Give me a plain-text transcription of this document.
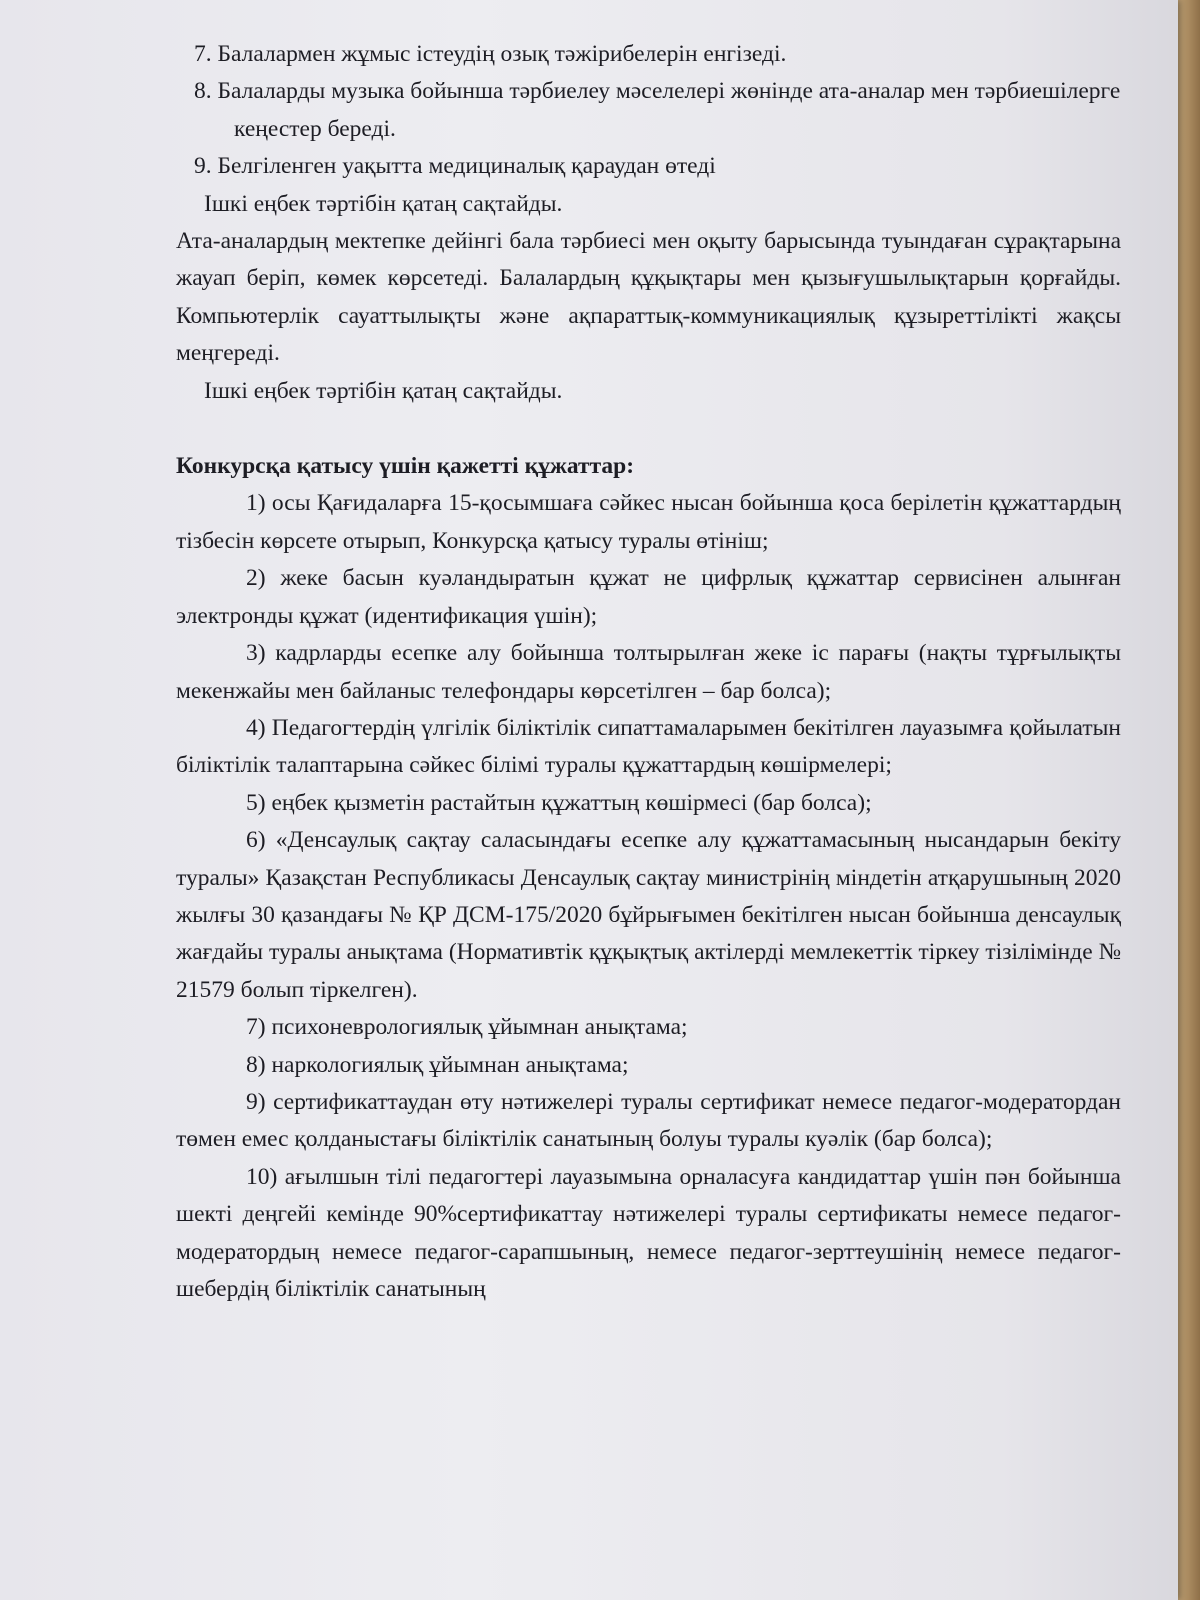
7. Балалармен жұмыс істеудің озық тәжірибелерін енгізеді.

8. Балаларды музыка бойынша тәрбиелеу мәселелері жөнінде ата-аналар мен тәрбиешілерге кеңестер береді.

9. Белгіленген уақытта медициналық қараудан өтеді

Ішкі еңбек тәртібін қатаң сақтайды.

Ата-аналардың мектепке дейінгі бала тәрбиесі мен оқыту барысында туындаған сұрақтарына жауап беріп, көмек көрсетеді. Балалардың құқықтары мен қызығушылықтарын қорғайды. Компьютерлік сауаттылықты және ақпараттық-коммуникациялық құзыреттілікті жақсы меңгереді.

Ішкі еңбек тәртібін қатаң сақтайды.

Конкурсқа қатысу үшін қажетті құжаттар:

1) осы Қағидаларға 15-қосымшаға сәйкес нысан бойынша қоса берілетін құжаттардың тізбесін көрсете отырып, Конкурсқа қатысу туралы өтініш;

2) жеке басын куәландыратын құжат не цифрлық құжаттар сервисінен алынған электронды құжат (идентификация үшін);

3) кадрларды есепке алу бойынша толтырылған жеке іс парағы (нақты тұрғылықты мекенжайы мен байланыс телефондары көрсетілген – бар болса);

4) Педагогтердің үлгілік біліктілік сипаттамаларымен бекітілген лауазымға қойылатын біліктілік талаптарына сәйкес білімі туралы құжаттардың көшірмелері;

5) еңбек қызметін растайтын құжаттың көшірмесі (бар болса);

6) «Денсаулық сақтау саласындағы есепке алу құжаттамасының нысандарын бекіту туралы» Қазақстан Республикасы Денсаулық сақтау министрінің міндетін атқарушының 2020 жылғы 30 қазандағы № ҚР ДСМ-175/2020 бұйрығымен бекітілген нысан бойынша денсаулық жағдайы туралы анықтама (Нормативтік құқықтық актілерді мемлекеттік тіркеу тізілімінде № 21579 болып тіркелген).

7) психоневрологиялық ұйымнан анықтама;

8) наркологиялық ұйымнан анықтама;

9) сертификаттаудан өту нәтижелері туралы сертификат немесе педагог-модератордан төмен емес қолданыстағы біліктілік санатының болуы туралы куәлік (бар болса);

10) ағылшын тілі педагогтері лауазымына орналасуға кандидаттар үшін пән бойынша шекті деңгейі кемінде 90%сертификаттау нәтижелері туралы сертификаты немесе педагог-модератордың немесе педагог-сарапшының, немесе педагог-зерттеушінің немесе педагог-шебердің біліктілік санатының
